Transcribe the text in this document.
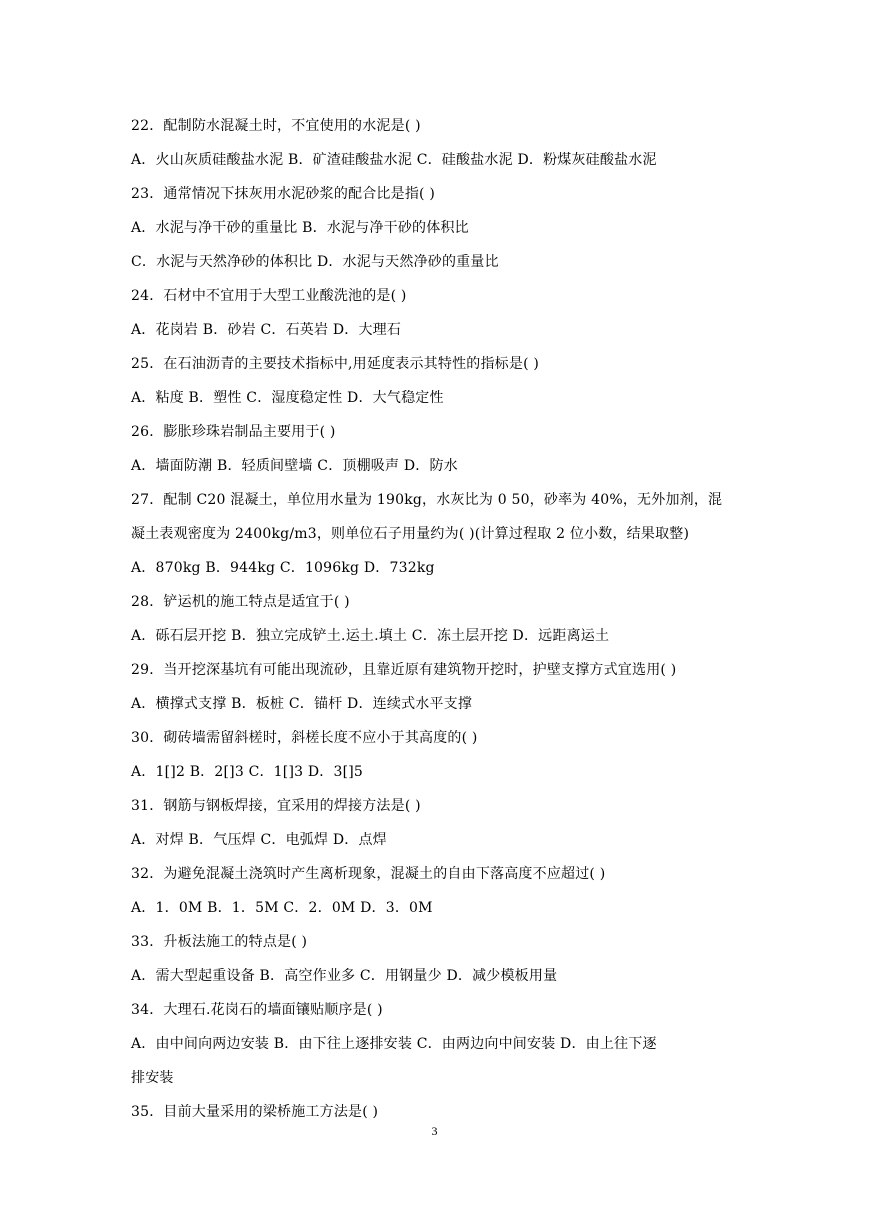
22．配制防水混凝土时，不宜使用的水泥是( )
A．火山灰质硅酸盐水泥 B．矿渣硅酸盐水泥 C．硅酸盐水泥 D．粉煤灰硅酸盐水泥
23．通常情况下抹灰用水泥砂浆的配合比是指( )
A．水泥与净干砂的重量比 B．水泥与净干砂的体积比
C．水泥与天然净砂的体积比 D．水泥与天然净砂的重量比
24．石材中不宜用于大型工业酸洗池的是( )
A．花岗岩 B．砂岩 C．石英岩 D．大理石
25．在石油沥青的主要技术指标中,用延度表示其特性的指标是( )
A．粘度 B．塑性 C．湿度稳定性 D．大气稳定性
26．膨胀珍珠岩制品主要用于( )
A．墙面防潮 B．轻质间壁墙 C．顶棚吸声 D．防水
27．配制 C20 混凝土，单位用水量为 190kg，水灰比为 0 50，砂率为 40%，无外加剂，混
凝土表观密度为 2400kg/m3，则单位石子用量约为( )(计算过程取 2 位小数，结果取整)
A．870kg B．944kg C．1096kg D．732kg
28．铲运机的施工特点是适宜于( )
A．砾石层开挖 B．独立完成铲土.运土.填土 C．冻土层开挖 D．远距离运土
29．当开挖深基坑有可能出现流砂，且靠近原有建筑物开挖时，护壁支撑方式宜选用( )
A．横撑式支撑 B．板桩 C．锚杆 D．连续式水平支撑
30．砌砖墙需留斜槎时，斜槎长度不应小于其高度的( )
A．1[]2 B．2[]3 C．1[]3 D．3[]5
31．钢筋与钢板焊接，宜采用的焊接方法是( )
A．对焊 B．气压焊 C．电弧焊 D．点焊
32．为避免混凝土浇筑时产生离析现象，混凝土的自由下落高度不应超过( )
A．1．0M B．1．5M C．2．0M D．3．0M
33．升板法施工的特点是( )
A．需大型起重设备 B．高空作业多 C．用钢量少 D．减少模板用量
34．大理石.花岗石的墙面镶贴顺序是( )
A．由中间向两边安装 B．由下往上逐排安装 C．由两边向中间安装 D．由上往下逐
排安装
35．目前大量采用的梁桥施工方法是( )
3
